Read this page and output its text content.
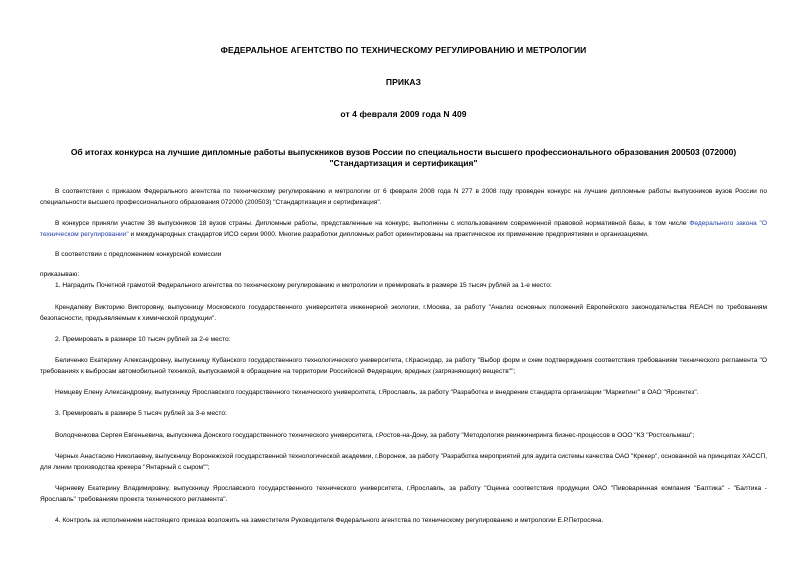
ФЕДЕРАЛЬНОЕ АГЕНТСТВО ПО ТЕХНИЧЕСКОМУ РЕГУЛИРОВАНИЮ И МЕТРОЛОГИИ
ПРИКАЗ
от 4 февраля 2009 года N 409
Об итогах конкурса на лучшие дипломные работы выпускников вузов России по специальности высшего профессионального образования 200503 (072000)
"Стандартизация и сертификация"
В соответствии с приказом Федерального агентства по техническому регулированию и метрологии от 6 февраля 2008 года N 277 в 2008 году проведен конкурс на лучшие дипломные работы выпускников вузов России по специальности высшего профессионального образования 072000 (200503) "Стандартизация и сертификация".
В конкурсе приняли участие 38 выпускников 18 вузов страны. Дипломные работы, представленные на конкурс, выполнены с использованием современной правовой нормативной базы, в том числе Федерального закона "О техническом регулировании" и международных стандартов ИСО серии 9000. Многие разработки дипломных работ ориентированы на практическое их применение предприятиями и организациями.
В соответствии с предложением конкурсной комиссии
приказываю:
1. Наградить Почетной грамотой Федерального агентства по техническому регулированию и метрологии и премировать в размере 15 тысяч рублей за 1-е место:
Крендалеву Викторию Викторовну, выпускницу Московского государственного университета инженерной экологии, г.Москва, за работу "Анализ основных положений Европейского законодательства REACH по требованиям безопасности, предъявляемым к химической продукции".
2. Премировать в размере 10 тысяч рублей за 2-е место:
Беличенко Екатерину Александровну, выпускницу Кубанского государственного технологического университета, г.Краснодар, за работу "Выбор форм и схем подтверждения соответствия требованиям технического регламента "О требованиях к выбросам автомобильной техникой, выпускаемой в обращение на территории Российской Федерации, вредных (загрязняющих) веществ"";
Немцеву Елену Александровну, выпускницу Ярославского государственного технического университета, г.Ярославль, за работу "Разработка и внедрение стандарта организации "Маркетинг" в ОАО "Ярсинтез".
3. Премировать в размере 5 тысяч рублей за 3-е место:
Володченкова Сергея Евгеньевича, выпускника Донского государственного технического университета, г.Ростов-на-Дону, за работу "Методология реинжиниринга бизнес-процессов в ООО "КЗ "Ростсельмаш";
Черных Анастасию Николаевну, выпускницу Воронежской государственной технологической академии, г.Воронеж, за работу "Разработка мероприятий для аудита системы качества ОАО "Крекер", основанной на принципах ХАССП, для линии производства крекера "Янтарный с сыром"";
Черняеву Екатерину Владимировну, выпускницу Ярославского государственного технического университета, г.Ярославль, за работу "Оценка соответствия продукции ОАО "Пивоваренная компания "Балтика" - "Балтика - Ярославль" требованиям проекта технического регламента".
4. Контроль за исполнением настоящего приказа возложить на заместителя Руководителя Федерального агентства по техническому регулированию и метрологии Е.Р.Петросяна.
